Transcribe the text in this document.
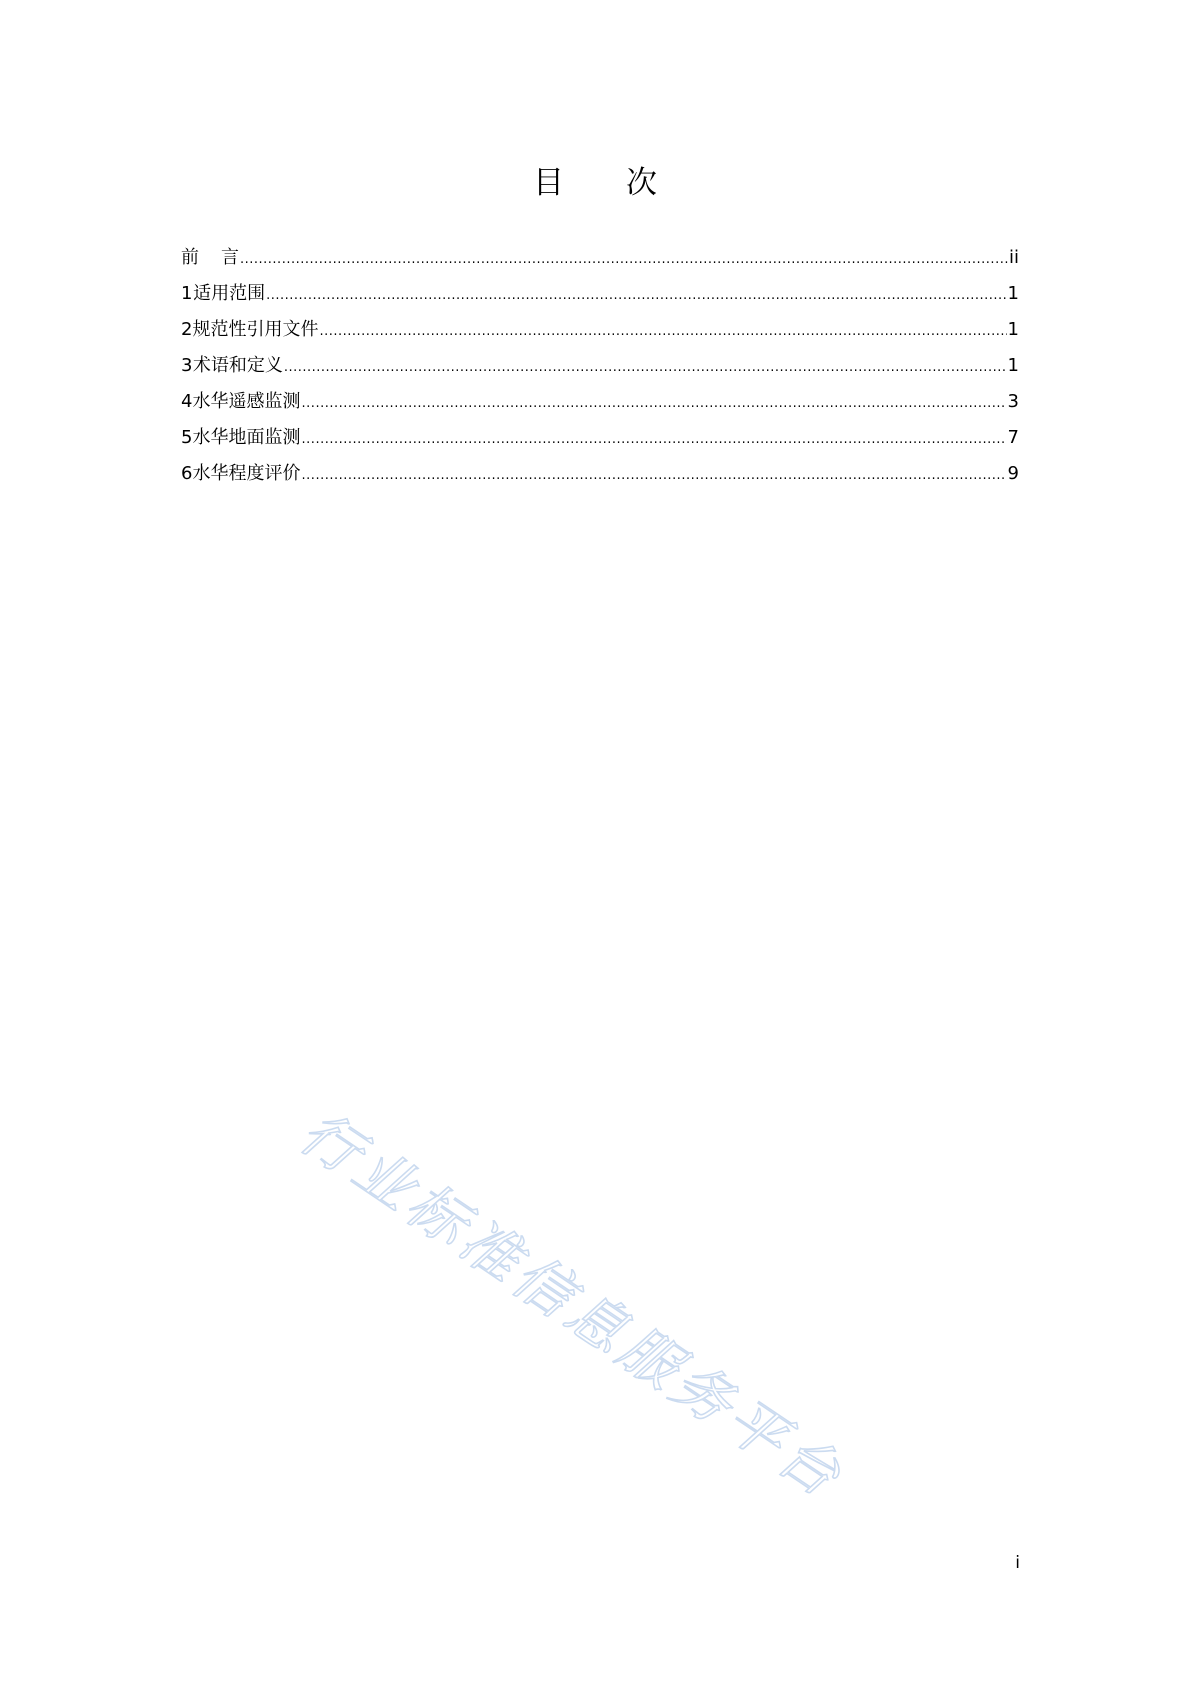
目 次
前 言 .....	ii
1 适用范围 .....	1
2 规范性引用文件 .....	1
3 术语和定义 .....	1
4 水华遥感监测 .....	3
5 水华地面监测 .....	7
6 水华程度评价 .....	9
行业标准信息服务平台
i
